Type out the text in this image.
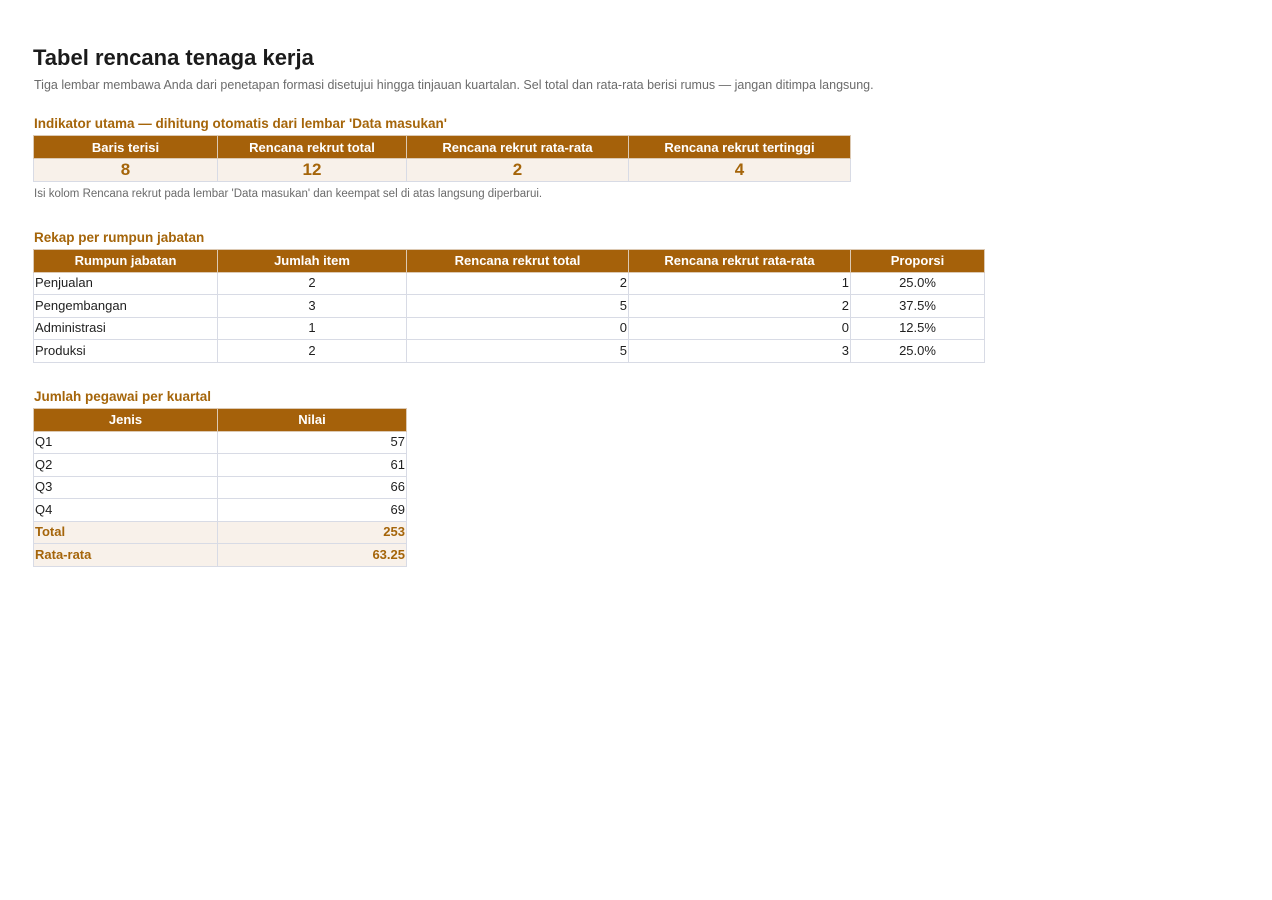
Tabel rencana tenaga kerja

Tiga lembar membawa Anda dari penetapan formasi disetujui hingga tinjauan kuartalan. Sel total dan rata-rata berisi rumus — jangan ditimpa langsung.

Indikator utama — dihitung otomatis dari lembar 'Data masukan'
Baris terisi	Rencana rekrut total	Rencana rekrut rata-rata	Rencana rekrut tertinggi
8	12	2	4
Isi kolom Rencana rekrut pada lembar 'Data masukan' dan keempat sel di atas langsung diperbarui.
Rekap per rumpun jabatan
Rumpun jabatan	Jumlah item	Rencana rekrut total	Rencana rekrut rata-rata	Proporsi
Penjualan	2	2	1	25.0%
Pengembangan	3	5	2	37.5%
Administrasi	1	0	0	12.5%
Produksi	2	5	3	25.0%
Jumlah pegawai per kuartal
Jenis	Nilai
Q1	57
Q2	61
Q3	66
Q4	69
Total	253
Rata-rata	63.25
